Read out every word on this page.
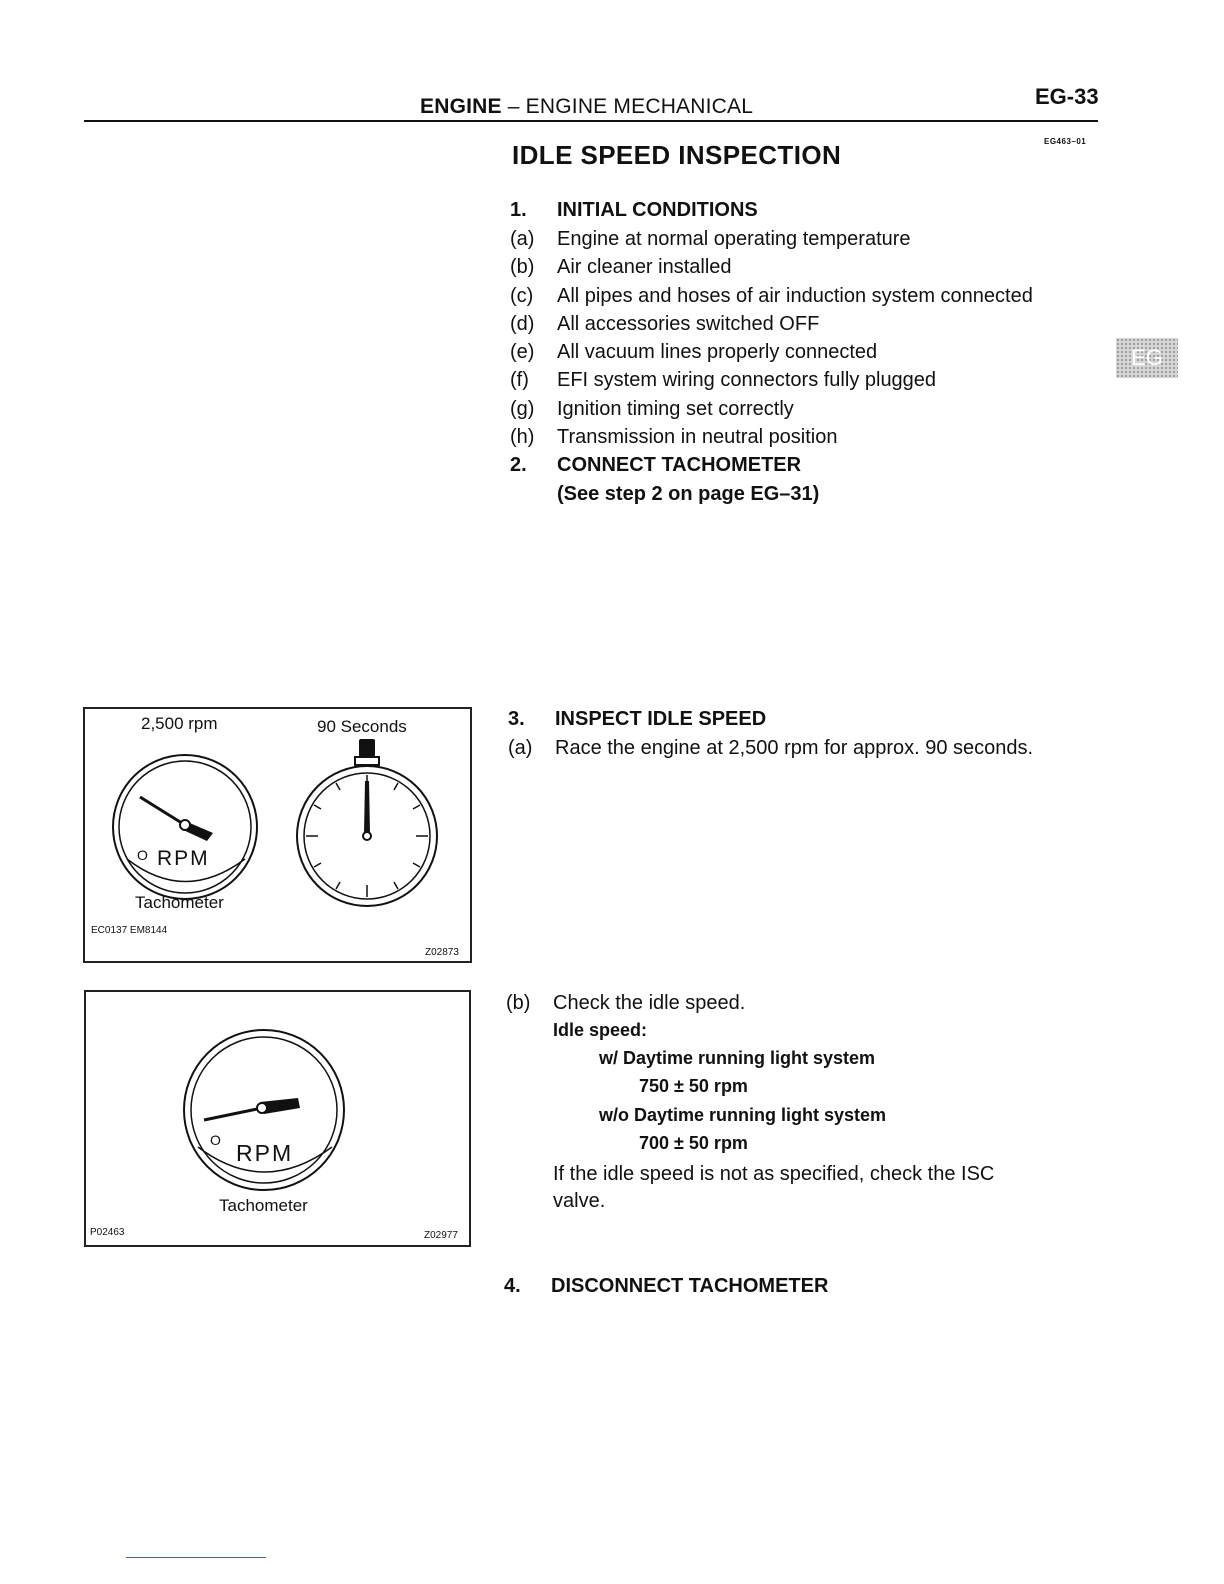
ENGINE – ENGINE MECHANICAL	EG-33
EG463–01
IDLE SPEED INSPECTION
EG
1. INITIAL CONDITIONS
(a) Engine at normal operating temperature
(b) Air cleaner installed
(c) All pipes and hoses of air induction system connected
(d) All accessories switched OFF
(e) All vacuum lines properly connected
(f) EFI system wiring connectors fully plugged
(g) Ignition timing set correctly
(h) Transmission in neutral position
2. CONNECT TACHOMETER
(See step 2 on page EG–31)
2,500 rpm	90 Seconds
O RPM
Tachometer
EC0137 EM8144
Z02873
3. INSPECT IDLE SPEED
(a) Race the engine at 2,500 rpm for approx. 90 seconds.
O RPM
Tachometer
P02463	Z02977
(b) Check the idle speed.
Idle speed:
w/ Daytime running light system
750 ± 50 rpm
w/o Daytime running light system
700 ± 50 rpm
If the idle speed is not as specified, check the ISC
valve.
4. DISCONNECT TACHOMETER
